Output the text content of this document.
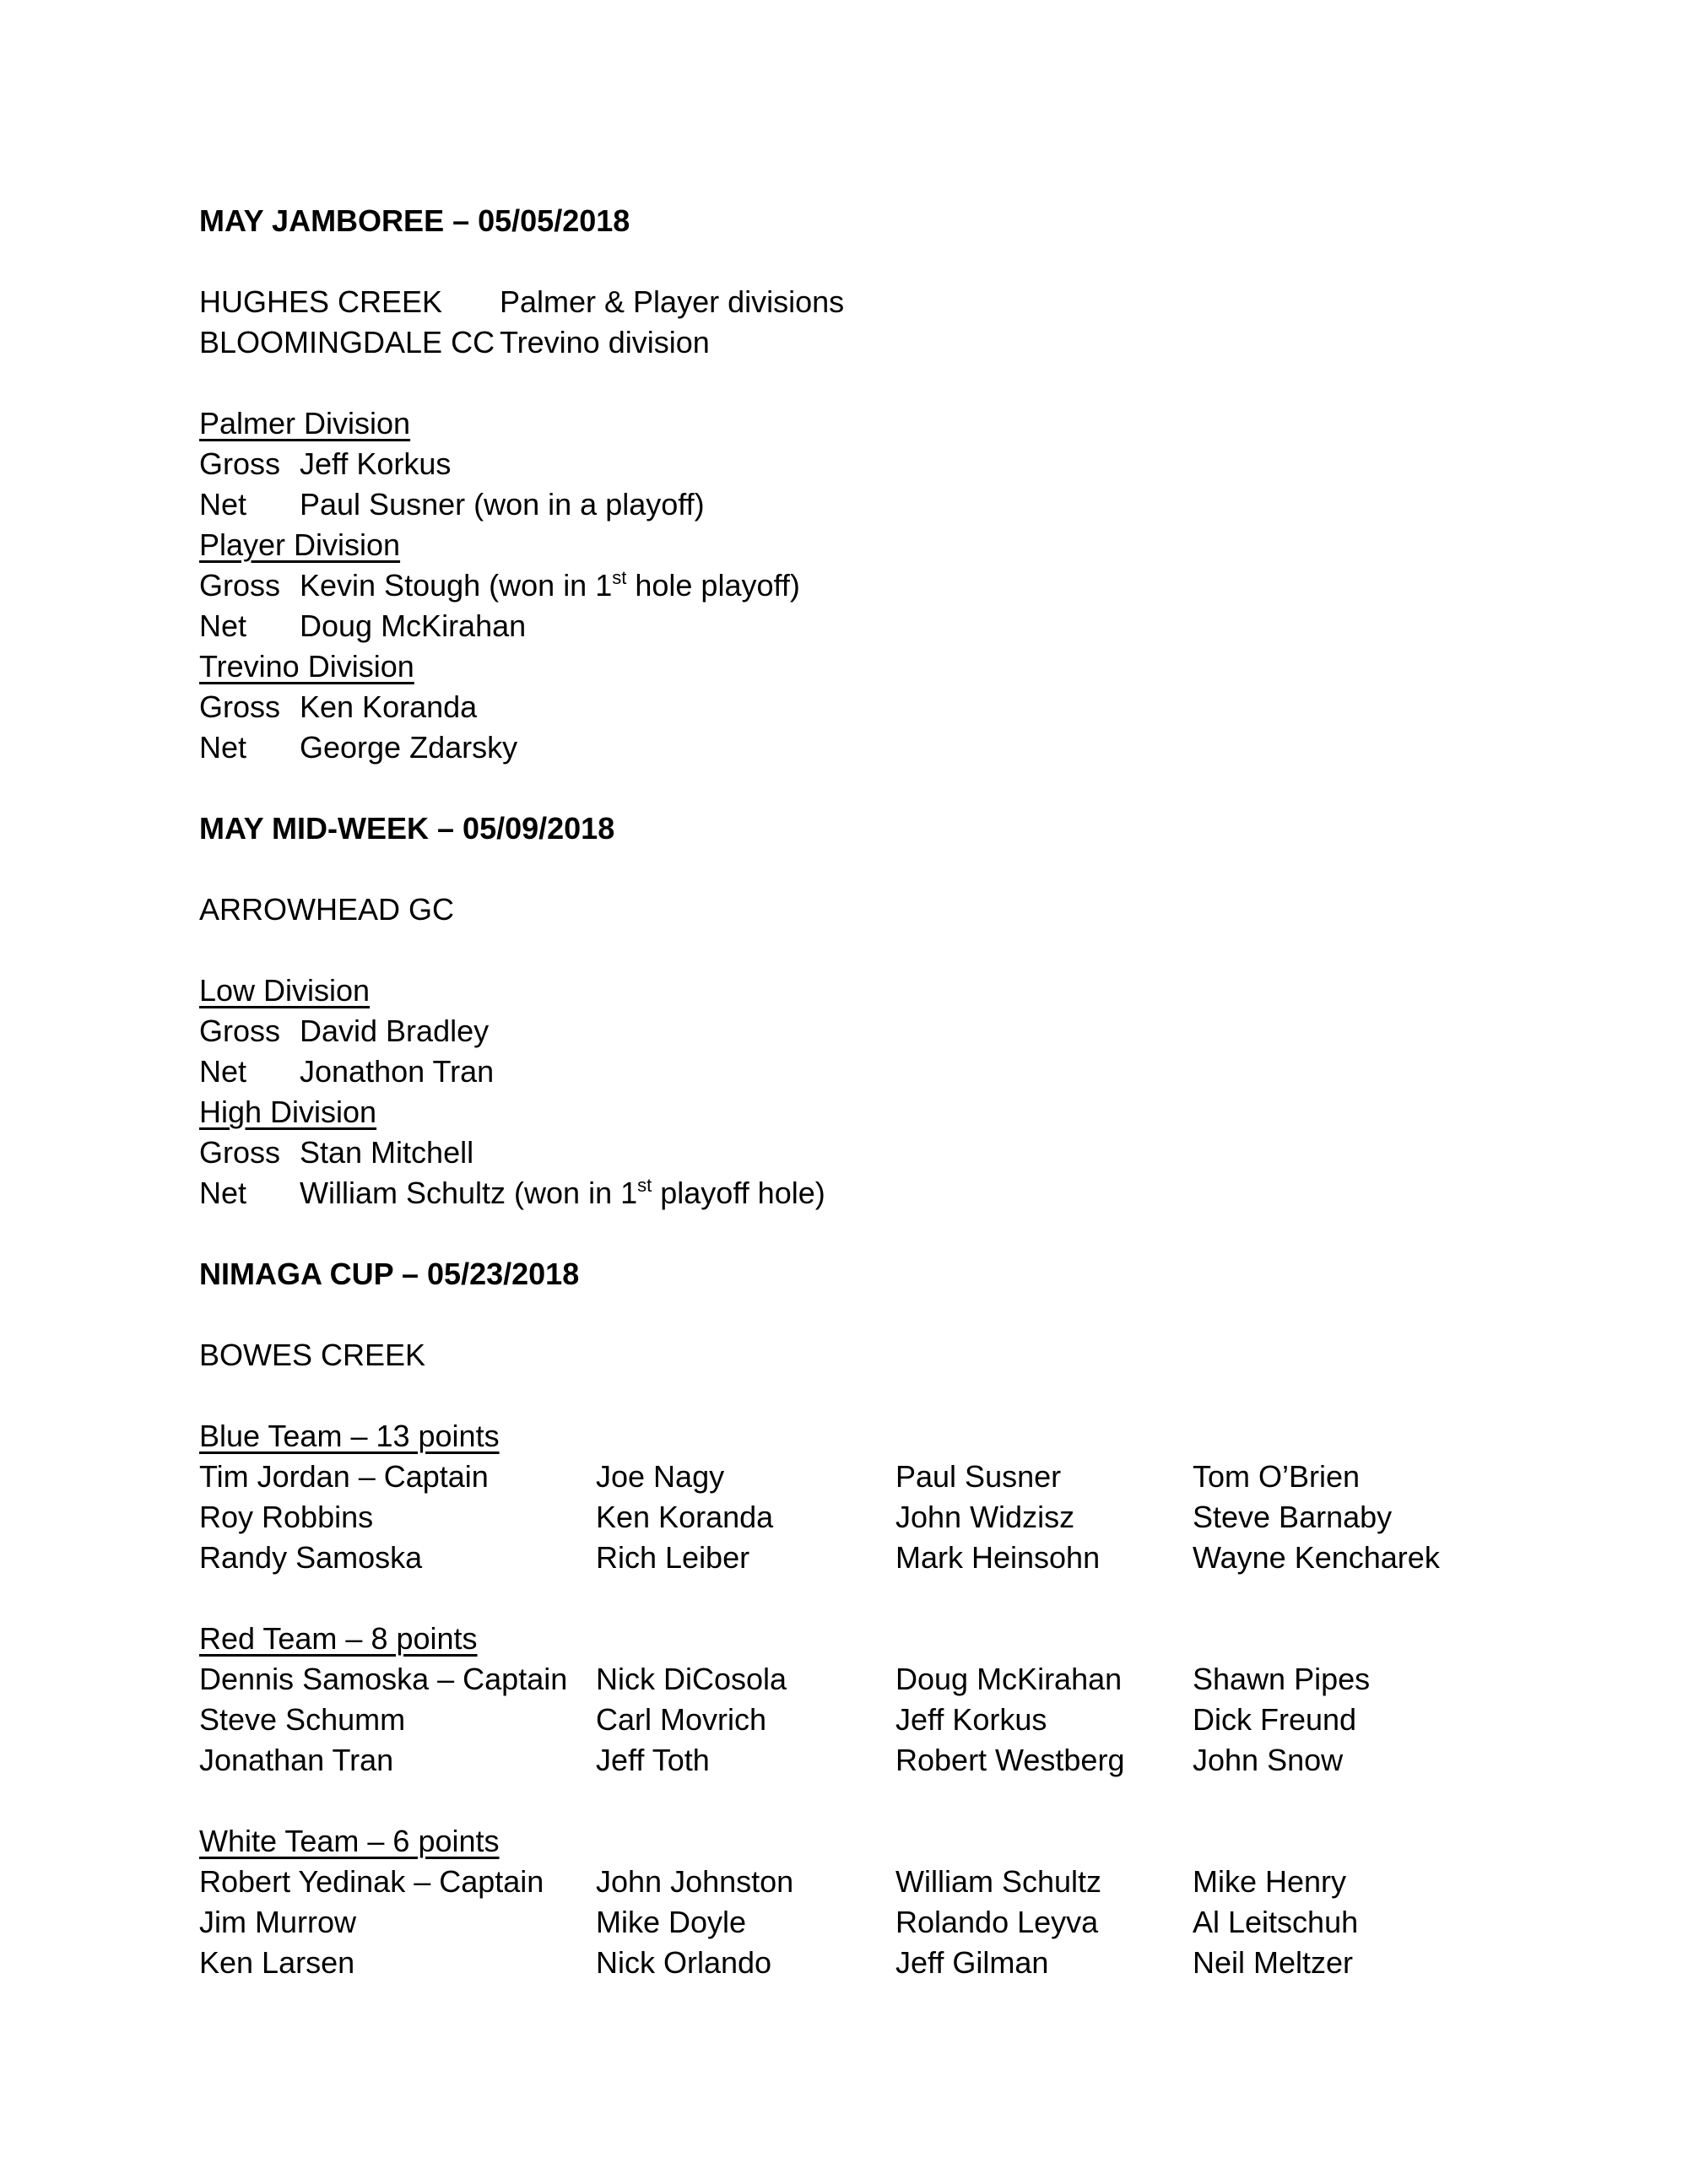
MAY JAMBOREE – 05/05/2018
HUGHES CREEK Palmer & Player divisions
BLOOMINGDALE CC Trevino division
Palmer Division
Gross Jeff Korkus
Net Paul Susner (won in a playoff)
Player Division
Gross Kevin Stough (won in 1st hole playoff)
Net Doug McKirahan
Trevino Division
Gross Ken Koranda
Net George Zdarsky
MAY MID-WEEK – 05/09/2018
ARROWHEAD GC
Low Division
Gross David Bradley
Net Jonathon Tran
High Division
Gross Stan Mitchell
Net William Schultz (won in 1st playoff hole)
NIMAGA CUP – 05/23/2018
BOWES CREEK
Blue Team – 13 points
Tim Jordan – Captain	Joe Nagy	Paul Susner	Tom O’Brien
Roy Robbins	Ken Koranda	John Widzisz	Steve Barnaby
Randy Samoska	Rich Leiber	Mark Heinsohn	Wayne Kencharek
Red Team – 8 points
Dennis Samoska – Captain Nick DiCosola	Doug McKirahan	Shawn Pipes
Steve Schumm	Carl Movrich	Jeff Korkus	Dick Freund
Jonathan Tran	Jeff Toth	Robert Westberg	John Snow
White Team – 6 points
Robert Yedinak – Captain	John Johnston	William Schultz	Mike Henry
Jim Murrow	Mike Doyle	Rolando Leyva	Al Leitschuh
Ken Larsen	Nick Orlando	Jeff Gilman	Neil Meltzer
